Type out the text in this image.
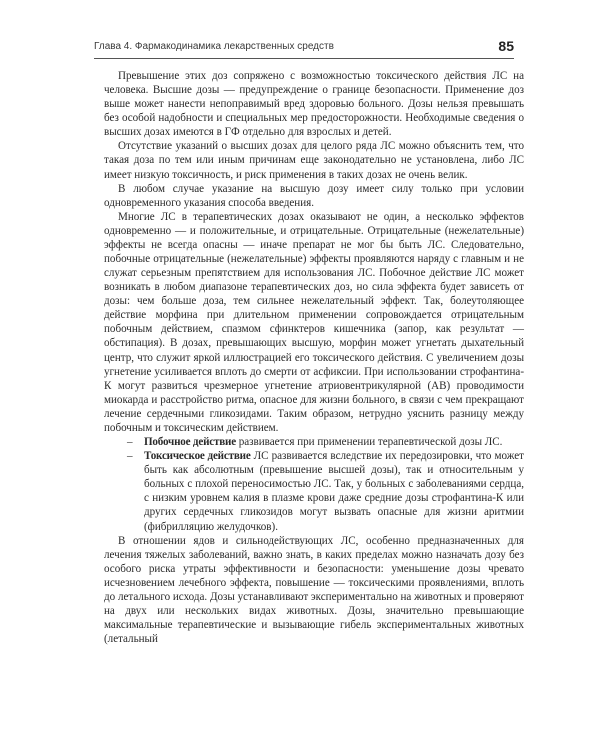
Глава 4. Фармакодинамика лекарственных средств	85

Превышение этих доз сопряжено с возможностью токсического действия ЛС на человека. Высшие дозы — предупреждение о границе безопасности. Применение доз выше может нанести непоправимый вред здоровью больного. Дозы нельзя превышать без особой надобности и специальных мер предосторожности. Необходимые сведения о высших дозах имеются в ГФ отдельно для взрослых и детей.

Отсутствие указаний о высших дозах для целого ряда ЛС можно объяснить тем, что такая доза по тем или иным причинам еще законодательно не установлена, либо ЛС имеет низкую токсичность, и риск применения в таких дозах не очень велик.

В любом случае указание на высшую дозу имеет силу только при условии одновременного указания способа введения.

Многие ЛС в терапевтических дозах оказывают не один, а несколько эффектов одновременно — и положительные, и отрицательные. Отрицательные (нежелательные) эффекты не всегда опасны — иначе препарат не мог бы быть ЛС. Следовательно, побочные отрицательные (нежелательные) эффекты проявляются наряду с главным и не служат серьезным препятствием для использования ЛС. Побочное действие ЛС может возникать в любом диапазоне терапевтических доз, но сила эффекта будет зависеть от дозы: чем больше доза, тем сильнее нежелательный эффект. Так, болеутоляющее действие морфина при длительном применении сопровождается отрицательным побочным действием, спазмом сфинктеров кишечника (запор, как результат — обстипация). В дозах, превышающих высшую, морфин может угнетать дыхательный центр, что служит яркой иллюстрацией его токсического действия. С увеличением дозы угнетение усиливается вплоть до смерти от асфиксии. При использовании строфантина-К могут развиться чрезмерное угнетение атриовентрикулярной (АВ) проводимости миокарда и расстройство ритма, опасное для жизни больного, в связи с чем прекращают лечение сердечными гликозидами. Таким образом, нетрудно уяснить разницу между побочным и токсическим действием.

– Побочное действие развивается при применении терапевтической дозы ЛС.
– Токсическое действие ЛС развивается вследствие их передозировки, что может быть как абсолютным (превышение высшей дозы), так и относительным у больных с плохой переносимостью ЛС. Так, у больных с заболеваниями сердца, с низким уровнем калия в плазме крови даже средние дозы строфантина-К или других сердечных гликозидов могут вызвать опасные для жизни аритмии (фибрилляцию желудочков).

В отношении ядов и сильнодействующих ЛС, особенно предназначенных для лечения тяжелых заболеваний, важно знать, в каких пределах можно назначать дозу без особого риска утраты эффективности и безопасности: уменьшение дозы чревато исчезновением лечебного эффекта, повышение — токсическими проявлениями, вплоть до летального исхода. Дозы устанавливают экспериментально на животных и проверяют на двух или нескольких видах животных. Дозы, значительно превышающие максимальные терапевтические и вызывающие гибель экспериментальных животных (летальный
